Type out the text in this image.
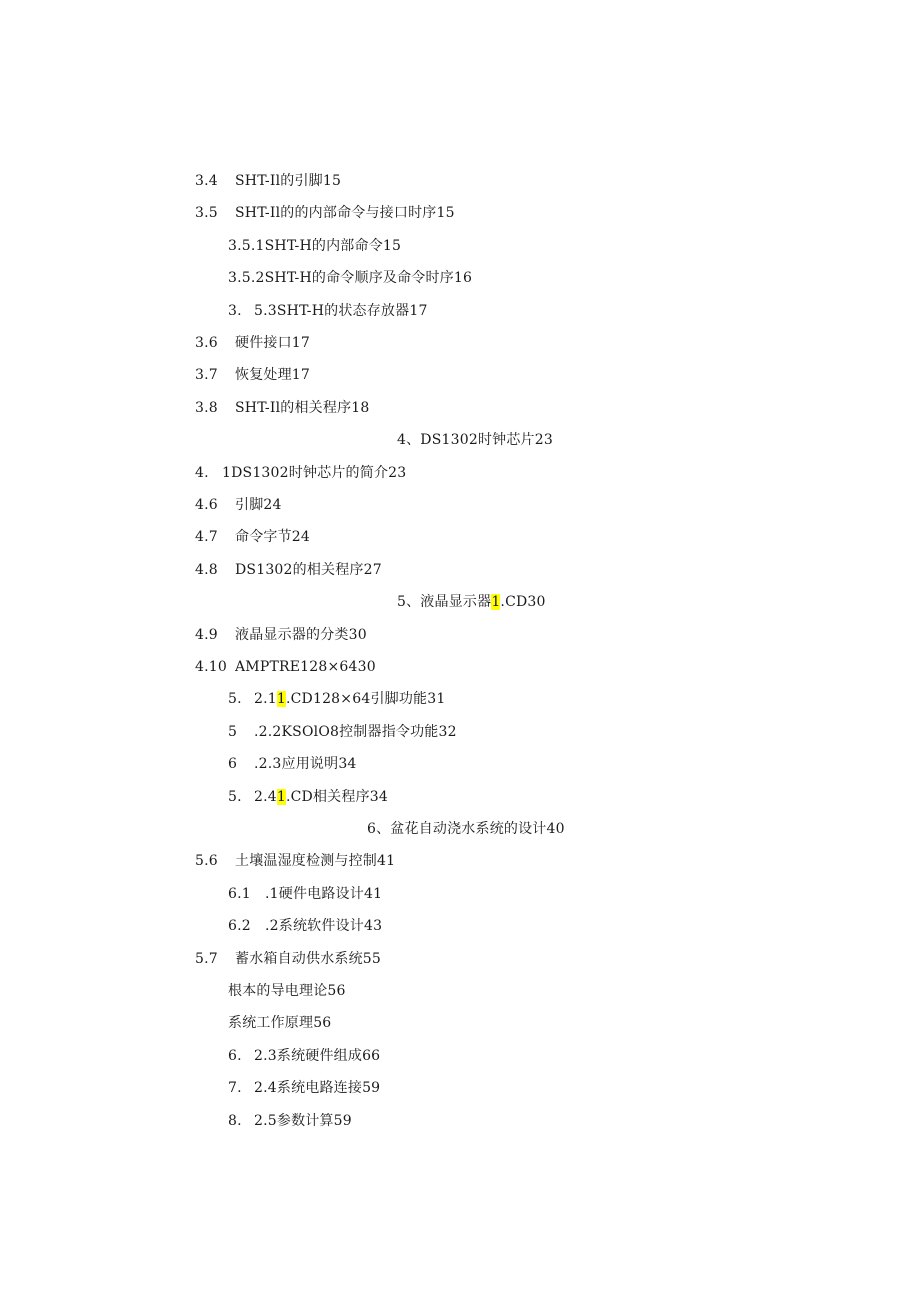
3.4 SHT-Il的引脚15
3.5 SHT-Il的的内部命令与接口时序15
3.5.1SHT-H的内部命令15
3.5.2SHT-H的命令顺序及命令时序16
3. 5.3SHT-H的状态存放器17
3.6 硬件接口17
3.7 恢复处理17
3.8 SHT-Il的相关程序18
4、DS1302时钟芯片23
4. 1DS1302时钟芯片的简介23
4.6 引脚24
4.7 命令字节24
4.8 DS1302的相关程序27
5、液晶显示器1.CD30
4.9 液晶显示器的分类30
4.10 AMPTRE128×6430
5. 2.11.CD128×64引脚功能31
5 .2.2KSOlO8控制器指令功能32
6 .2.3应用说明34
5. 2.41.CD相关程序34
6、盆花自动浇水系统的设计40
5.6 土壤温湿度检测与控制41
6.1 .1硬件电路设计41
6.2 .2系统软件设计43
5.7 蓄水箱自动供水系统55
根本的导电理论56
系统工作原理56
6. 2.3系统硬件组成66
7. 2.4系统电路连接59
8. 2.5参数计算59
